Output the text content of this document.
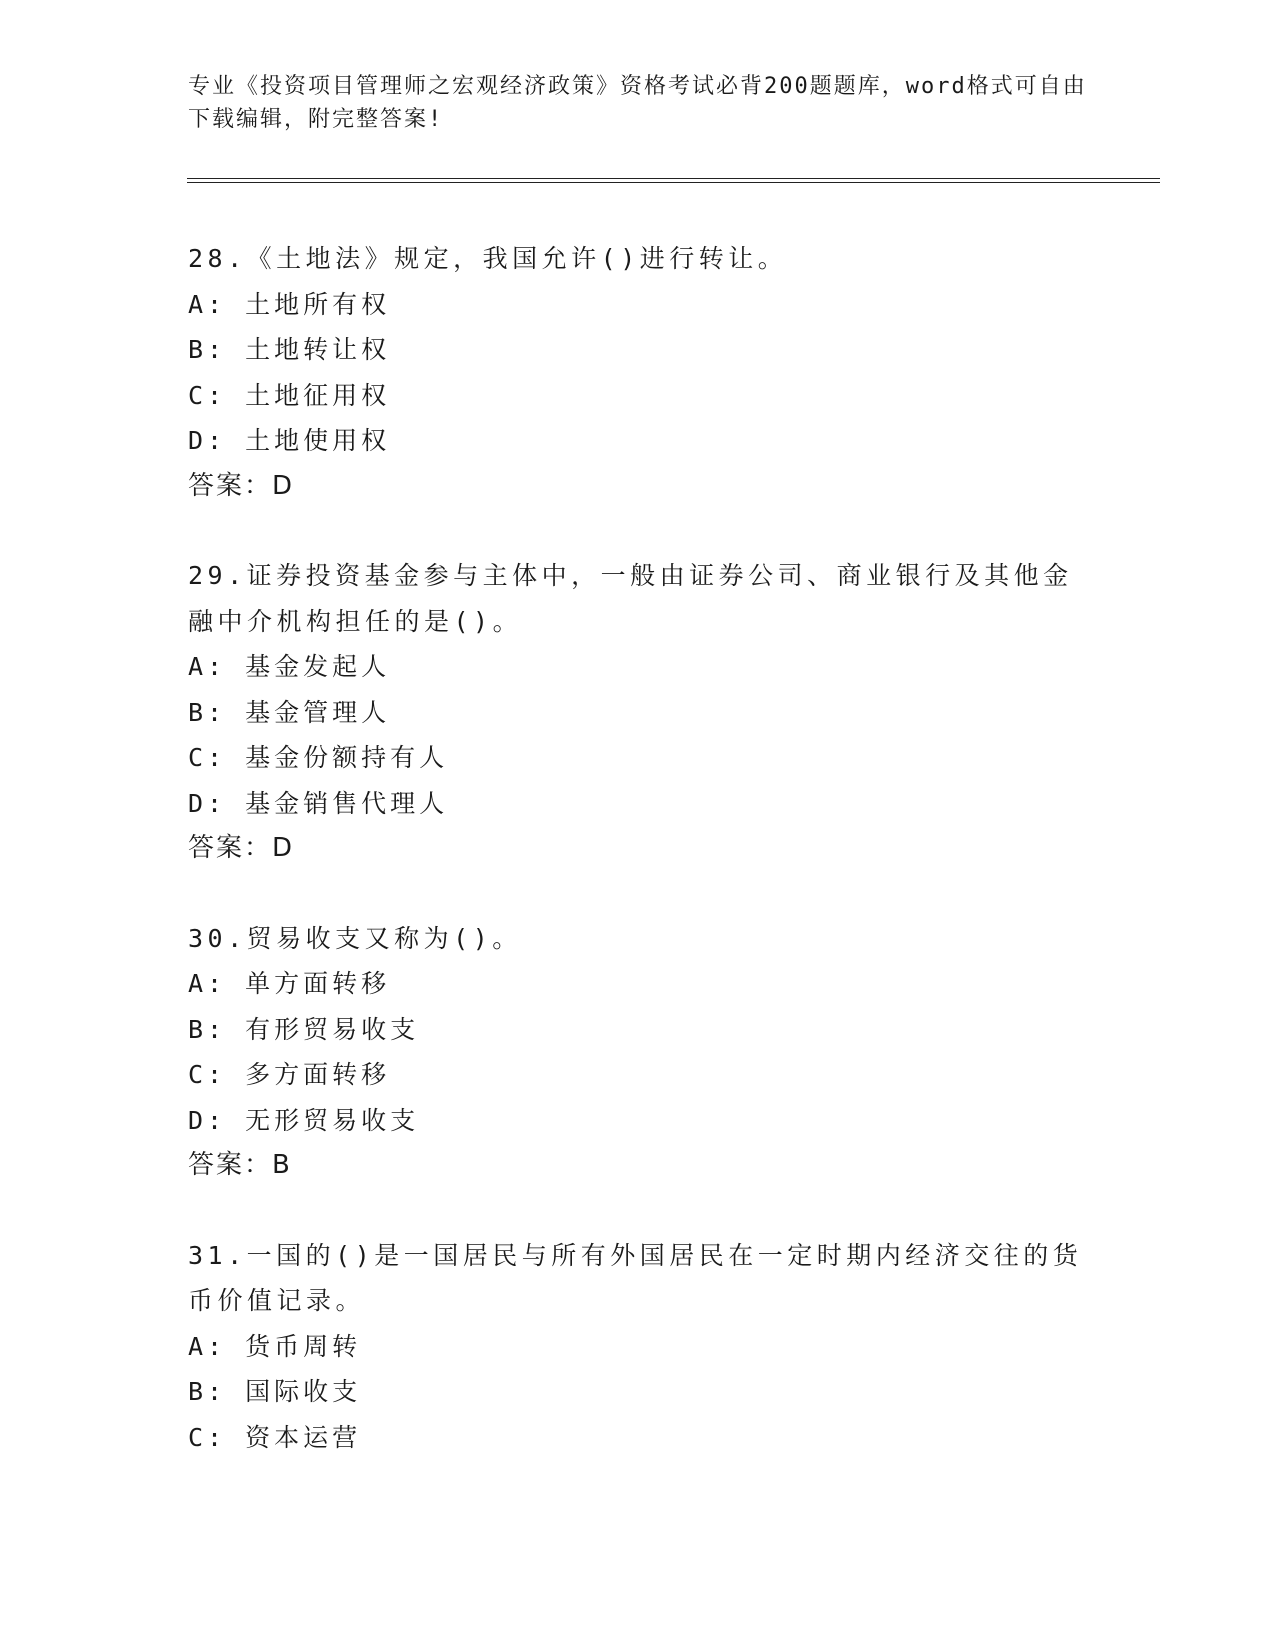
专业《投资项目管理师之宏观经济政策》资格考试必背200题题库，word格式可自由下载编辑，附完整答案!
28.《土地法》规定，我国允许()进行转让。
A: 土地所有权
B: 土地转让权
C: 土地征用权
D: 土地使用权
答案：D
29.证券投资基金参与主体中，一般由证券公司、商业银行及其他金融中介机构担任的是()。
A: 基金发起人
B: 基金管理人
C: 基金份额持有人
D: 基金销售代理人
答案：D
30.贸易收支又称为()。
A: 单方面转移
B: 有形贸易收支
C: 多方面转移
D: 无形贸易收支
答案：B
31.一国的()是一国居民与所有外国居民在一定时期内经济交往的货币价值记录。
A: 货币周转
B: 国际收支
C: 资本运营
